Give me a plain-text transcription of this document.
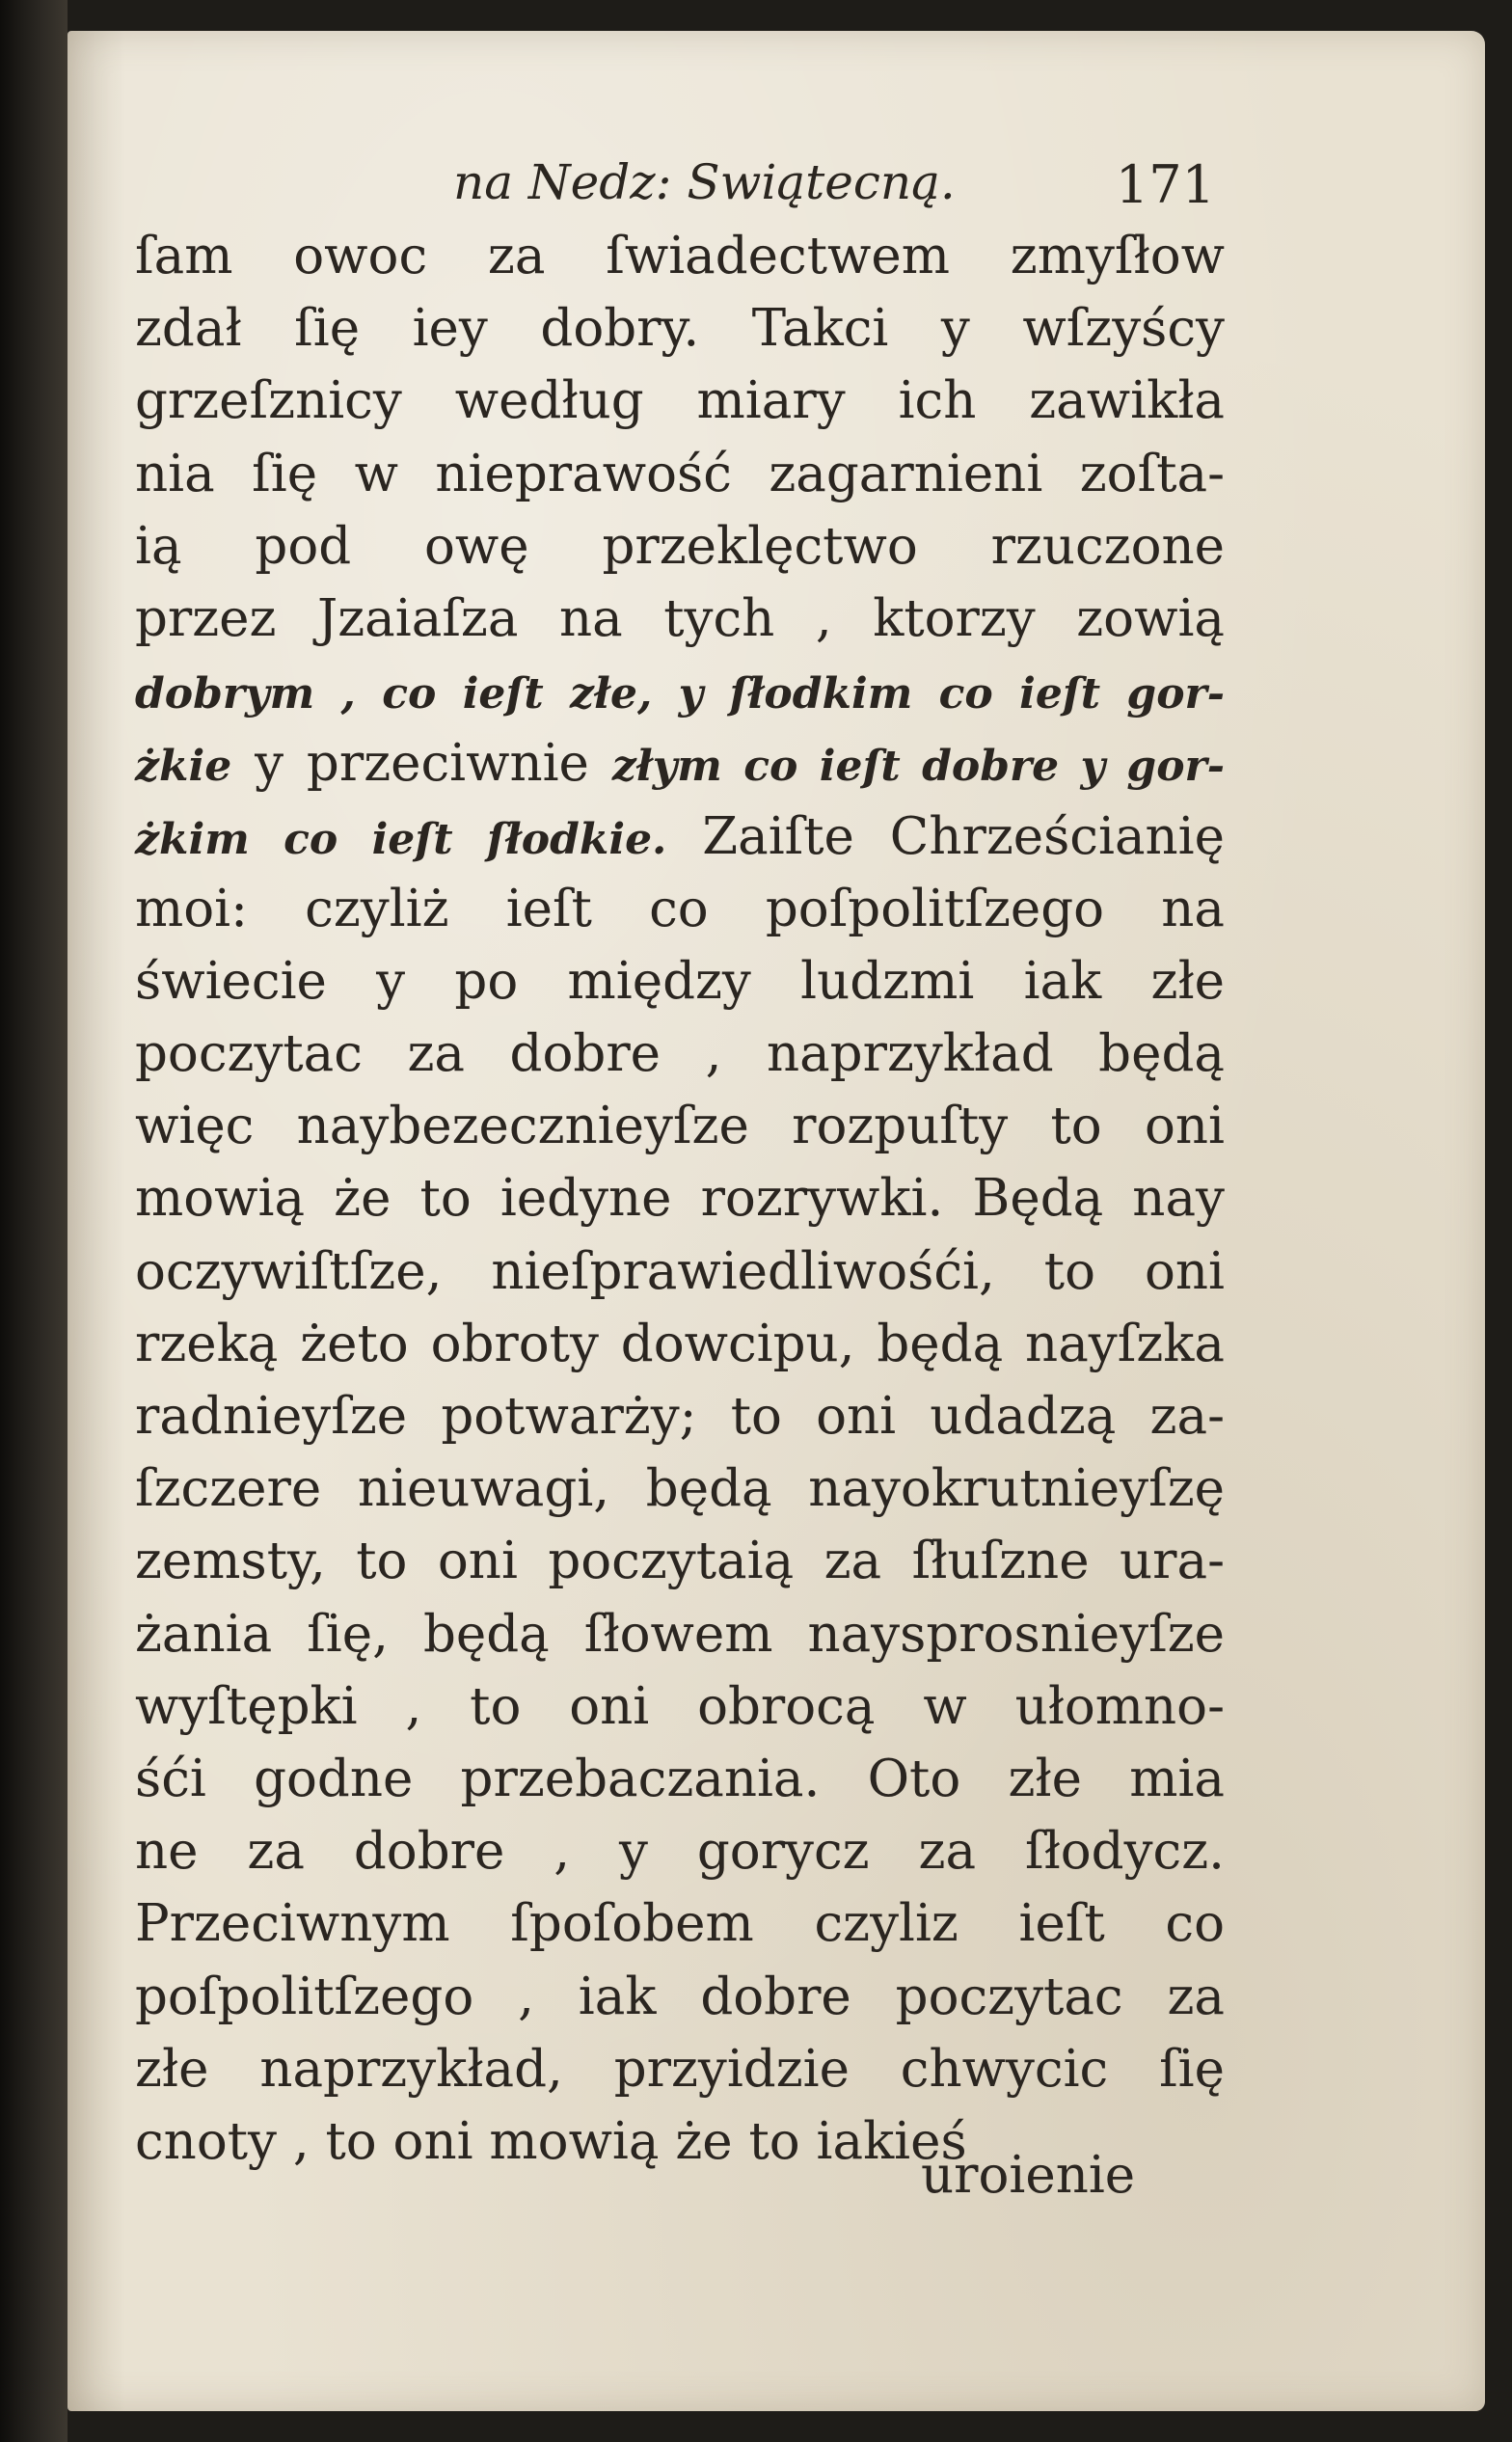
na Nedz: Swiątecną.	171
ſam owoc za ſwiadectwem zmyſłow
zdał ſię iey dobry. Takci y wſzyścy
grzeſznicy według miary ich zawikła
nia ſię w nieprawość zagarnieni zoſta-
ią pod owę przeklęctwo rzuczone
przez Jzaiaſza na tych , ktorzy zowią
dobrym , co ieſt złe, y ſłodkim co ieſt gor-
żkie y przeciwnie złym co ieſt dobre y gor-
żkim co ieſt ſłodkie. Zaiſte Chrześcianię
moi: czyliż ieſt co poſpolitſzego na
świecie y po między ludzmi iak złe
poczytac za dobre , naprzykład będą
więc naybezecznieyſze rozpuſty to oni
mowią że to iedyne rozrywki. Będą nay
oczywiſtſze, nieſprawiedliwośći, to oni
rzeką żeto obroty dowcipu, będą nayſzka
radnieyſze potwarży; to oni udadzą za-
ſzczere nieuwagi, będą nayokrutnieyſzę
zemsty, to oni poczytaią za ſłuſzne ura-
żania ſię, będą ſłowem naysprosnieyſze
wyſtępki , to oni obrocą w ułomno-
śći godne przebaczania. Oto złe mia
ne za dobre , y gorycz za ſłodycz.
Przeciwnym ſpoſobem czyliz ieſt co
poſpolitſzego , iak dobre poczytac za
złe naprzykład, przyidzie chwycic ſię
cnoty , to oni mowią że to iakieś
uroienie
